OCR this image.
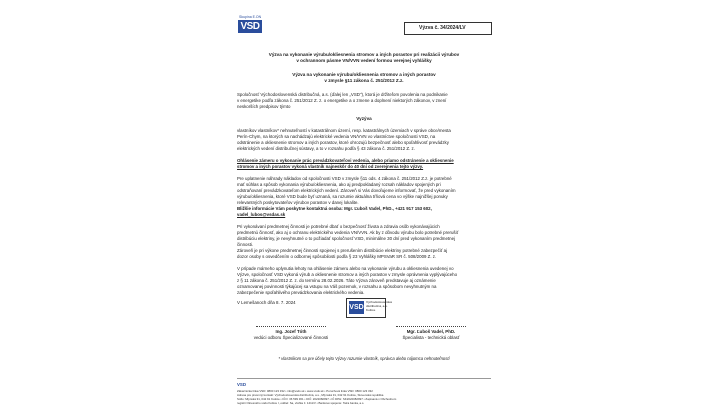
Skupina E.ON
VSD	Výzva č. 34/2024/LV
Výzva na vykonanie výrubu/okliesnenia stromov a iných porastov pri realizácii výrubov
v ochrannom pásme VN/VVN vedení formou verejnej vyhlášky
Výzva na vykonanie výrubu/okliesnenia stromov a iných porastov
v zmysle §11 zákona č. 251/2012 Z.z.
Spoločnosť Východoslovenská distribučná, a.s. (ďalej len „VSD"), ktorá je držiteľom povolenia na podnikanie
v energetike podľa zákona č. 251/2012 Z. z. o energetike a o zmene a doplnení niektorých zákonov, v znení
neskorších predpisov týmto
Vyzýva
vlastníkov vlastníkov* nehnuteľností v katastrálnom území, resp. katastrálnych územiach v správe obce/mesta
Perín-Chym, na ktorých sa nachádzajú elektrické vedenia VN/VVN vo vlastníctve spoločnosti VSD, na
odstránenie a okliesnenie stromov a iných porastov, ktoré ohrozujú bezpečnosť alebo spoľahlivosť prevádzky
elektrických vedení distribučnej sústavy, a to v rozsahu podľa § 43 zákona č. 251/2012 Z. z.
Ohlásenie zámeru o vykonanie prác prevádzkovateľovi vedenia, alebo priamo odstránenie a okliesnenie
stromov a iných porastov vykoná vlastník najneskôr do 40 dní od zverejnenia tejto výzvy.
Pre uplatnenie náhrady nákladov od spoločnosti VSD v zmysle §11 ods. 4 zákona č. 251/2012 Z.z. je potrebné
mať súhlas a spôsob vykonania výrubu/okliesnenia, ako aj predpokladaný rozsah nákladov spojených pri
odstraňovaní prevádzkovateľom elektrických vedení. Zároveň si Vás dovoľujeme informovať, že pred vykonaním
výrubu/okliesnenia, ktoré VSD bude byť uznaná, sa rozumie aktuálna tŕňová cena vo výške najnižšej ponuky
relevantných poskytovateľov výrubov porastov v danej lokalite.
Bližšie informácie Vám poskytne kontaktná osoba: Mgr. Ľuboš Vadel, PhD., +421 917 153 602,
vadel_lubos@vsdas.sk
Pri vykonávaní predmetnej činnosti je potrebné dbať o bezpečnosť života a zdravia osôb vykonávajúcich
predmetnú činnosť, ako aj o ochranu elektrického vedenia VN/VVN. Ak by z dôvodu výrubu bolo potrebné prerušiť
distribúciu elektriny, je nevyhnutné o to požiadať spoločnosť VSD, minimálne 30 dní pred vykonaním predmetnej
činnosti.
Zároveň je pri výkone predmetnej činnosti spojenej s prerušením distribúcie elektriny potrebné zabezpečiť aj
dozor osoby s osvedčením o odbornej spôsobilosti podľa § 23 Vyhlášky MPSVaR SR č. 508/2009 Z. z.
V prípade márneho uplynutia lehoty na ohlásenie zámeru alebo na vykonanie výrubu a okliesnenia uvedenej vo
Výzve, spoločnosť VSD vykoná výrub a okliesnenie stromov a iných porastov v zmysle oprávnenia vyplývajúceho
z § 11 zákona č. 251/2012 Z. z. do termínu 28.02.2026. Táto Výzva zároveň predstavuje aj oznámenie
oznamovanej povinnosti týkajúcej sa vstupu na Váš pozemok, v rozsahu a spôsobom nevyhnutným na
zabezpečenie spoľahlivého prevádzkovania elektrického vedenia.
V Lemešanoch dňa 8. 7. 2024
VSD
Východoslovenská
distribučná, a.s.
Košice
Ing. Jozef Tóth
vedúci odboru Špecializované činnosti
Mgr. Ľuboš Vadel, PhD.
Špecialista - technická oblasť
* vlastníkom sa pre účely tejto Výzvy rozumie vlastník, správca alebo nájomca nehnuteľností
VSD
Zákaznícka linka VSD: 0800 123 332 • info@vsds.sk • www.vsds.sk • Poruchová linka VSD: 0800 123 332
Adresa pre písomný kontakt: Východoslovenská distribučná, a.s., Mlynská 31, 042 91 Košice, Slovenská republika
Sídlo: Mlynská 31, 042 91 Košice • IČO: 36 599 361 • DIČ: 2022082997 • IČ DPH: SK2022082997 • Zapísaná v Obchodnom
registri Okresného súdu Košice I, oddiel: Sa, vložka č. 1411/V • Bankové spojenie: Tatra banka, a.s.
